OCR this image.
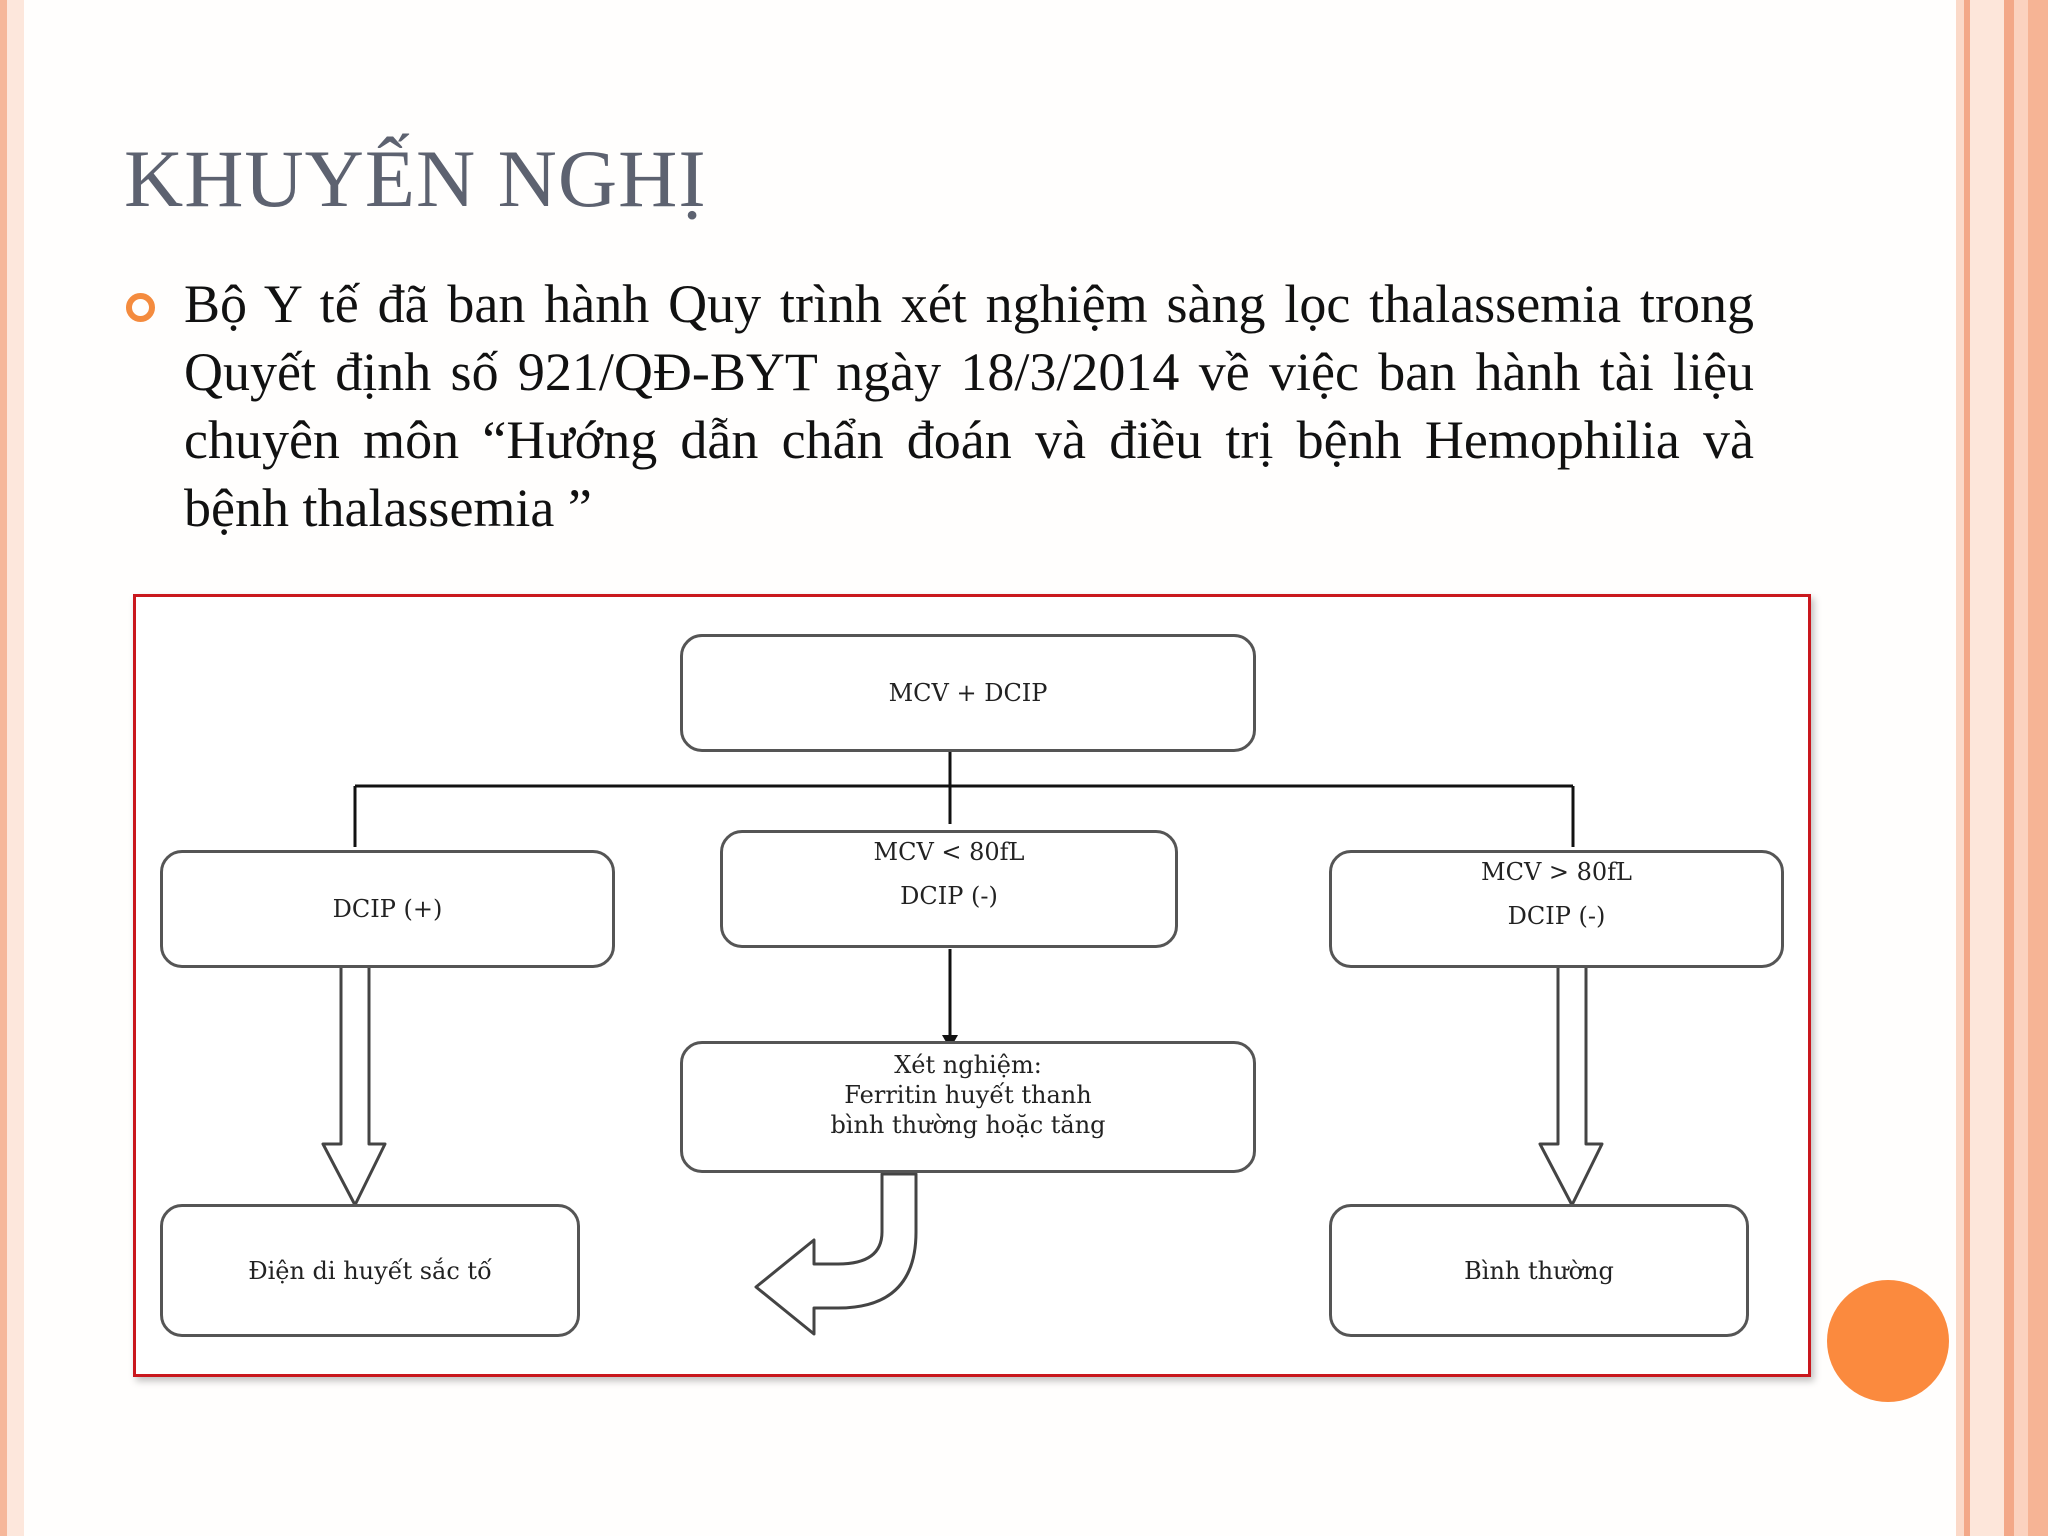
KHUYẾN NGHỊ

Bộ Y tế đã ban hành Quy trình xét nghiệm sàng lọc thalassemia trong Quyết định số 921/QĐ-BYT ngày 18/3/2014 về việc ban hành tài liệu chuyên môn “Hướng dẫn chẩn đoán và điều trị bệnh Hemophilia và bệnh thalassemia ”

MCV + DCIP
DCIP (+)
MCV < 80fL
DCIP (-)
MCV > 80fL
DCIP (-)
Xét nghiệm:
Ferritin huyết thanh
bình thường hoặc tăng
Điện di huyết sắc tố	Bình thường
